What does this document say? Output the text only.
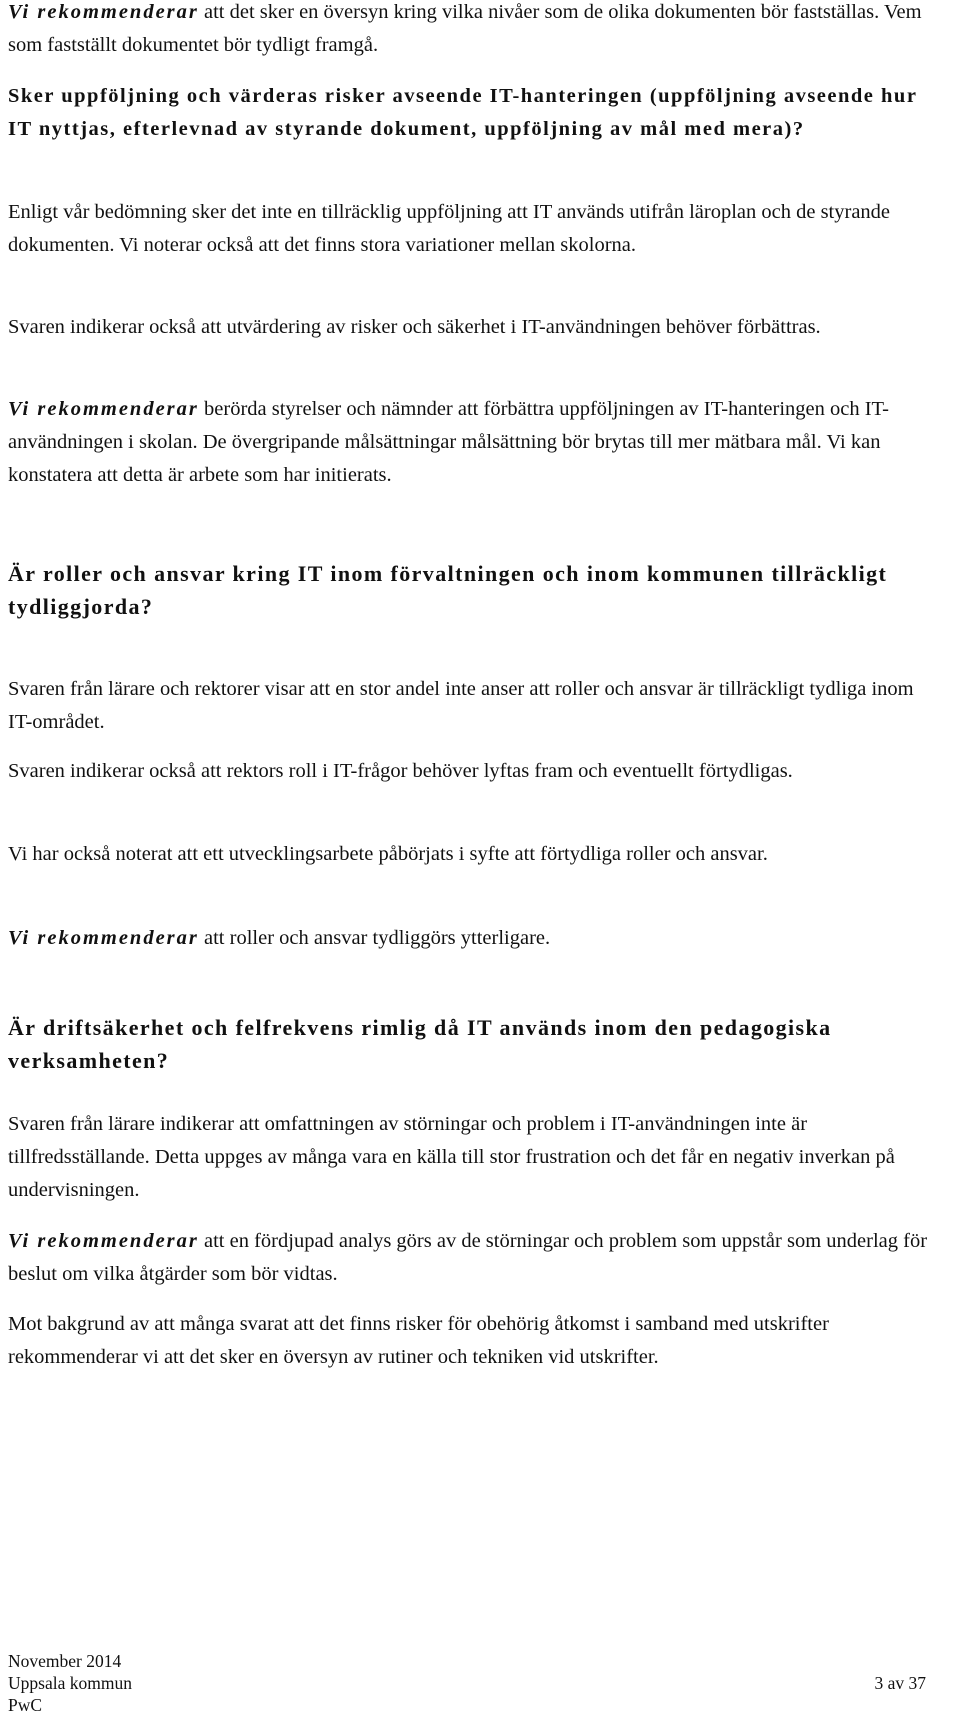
Vi rekommenderar att det sker en översyn kring vilka nivåer som de olika dokumenten bör fastställas. Vem som fastställt dokumentet bör tydligt framgå.

Sker uppföljning och värderas risker avseende IT-hanteringen (uppföljning avseende hur IT nyttjas, efterlevnad av styrande dokument, uppföljning av mål med mera)?

Enligt vår bedömning sker det inte en tillräcklig uppföljning att IT används utifrån läroplan och de styrande dokumenten. Vi noterar också att det finns stora variationer mellan skolorna.

Svaren indikerar också att utvärdering av risker och säkerhet i IT-användningen behöver förbättras.

Vi rekommenderar berörda styrelser och nämnder att förbättra uppföljningen av IT-hanteringen och IT-användningen i skolan. De övergripande målsättningar målsättning bör brytas till mer mätbara mål. Vi kan konstatera att detta är arbete som har initierats.

Är roller och ansvar kring IT inom förvaltningen och inom kommunen tillräckligt tydliggjorda?

Svaren från lärare och rektorer visar att en stor andel inte anser att roller och ansvar är tillräckligt tydliga inom IT-området.

Svaren indikerar också att rektors roll i IT-frågor behöver lyftas fram och eventuellt förtydligas.

Vi har också noterat att ett utvecklingsarbete påbörjats i syfte att förtydliga roller och ansvar.

Vi rekommenderar att roller och ansvar tydliggörs ytterligare.

Är driftsäkerhet och felfrekvens rimlig då IT används inom den pedagogiska verksamheten?

Svaren från lärare indikerar att omfattningen av störningar och problem i IT-användningen inte är tillfredsställande. Detta uppges av många vara en källa till stor frustration och det får en negativ inverkan på undervisningen.

Vi rekommenderar att en fördjupad analys görs av de störningar och problem som uppstår som underlag för beslut om vilka åtgärder som bör vidtas.

Mot bakgrund av att många svarat att det finns risker för obehörig åtkomst i samband med utskrifter rekommenderar vi att det sker en översyn av rutiner och tekniken vid utskrifter.

November 2014
Uppsala kommun
PwC
3 av 37
